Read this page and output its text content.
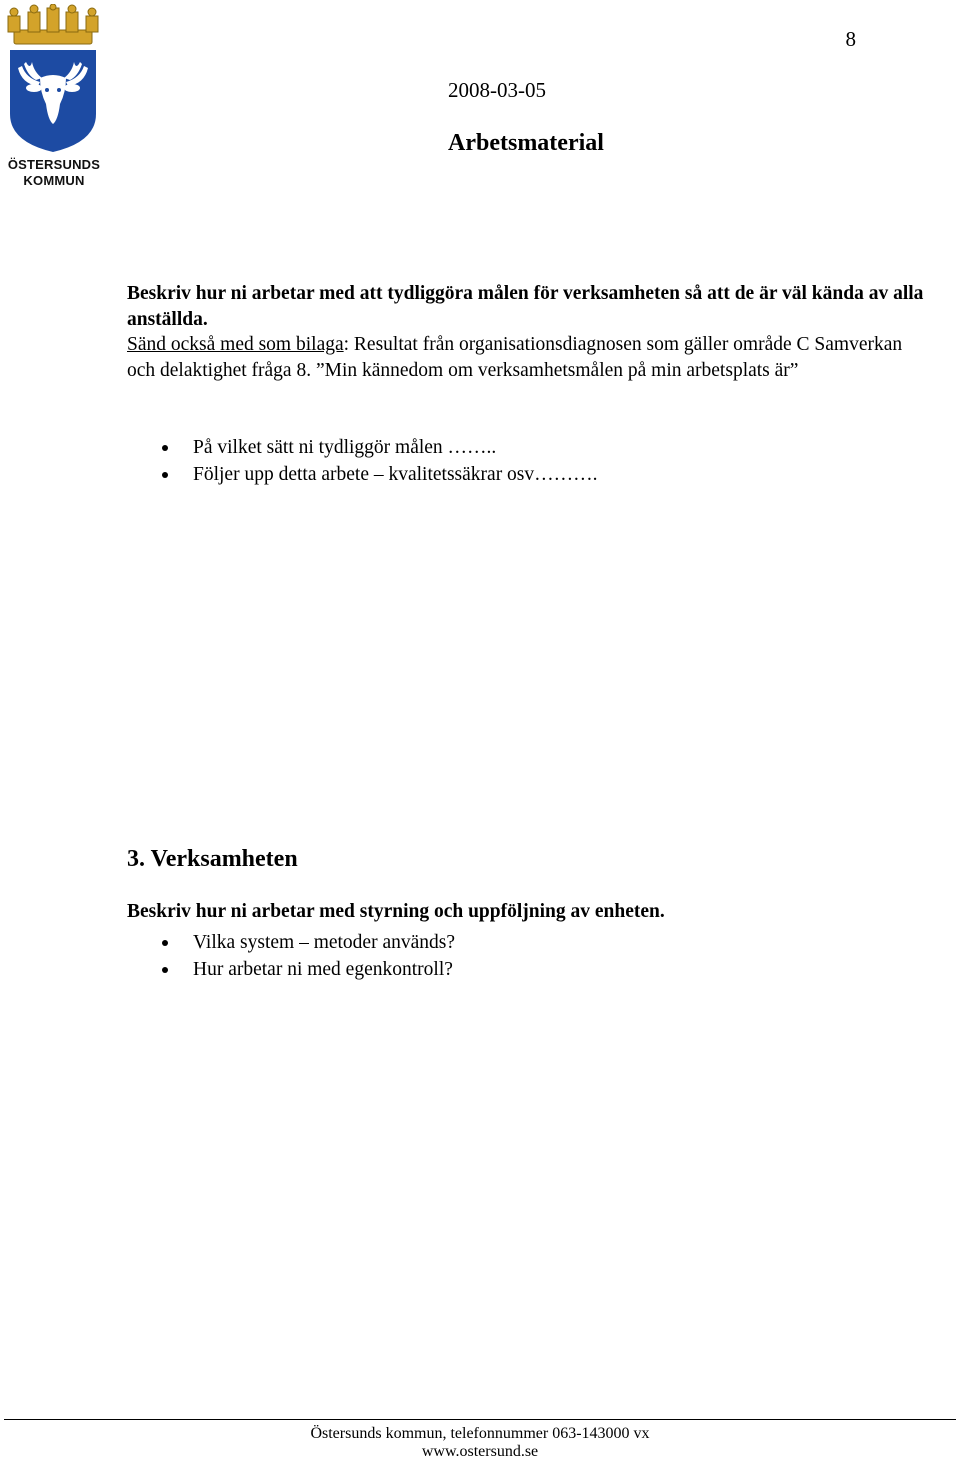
ÖSTERSUNDS
KOMMUN
8
2008-03-05
Arbetsmaterial
Beskriv hur ni arbetar med att tydliggöra målen för verksamheten så att de är väl kända av alla anställda.
Sänd också med som bilaga: Resultat från organisationsdiagnosen som gäller område C Samverkan och delaktighet fråga 8. ”Min kännedom om verksamhetsmålen på min arbetsplats är”
På vilket sätt ni tydliggör målen ……..
Följer upp detta arbete – kvalitetssäkrar osv……….
3. Verksamheten
Beskriv hur ni arbetar med styrning och uppföljning av enheten.
Vilka system – metoder används?
Hur arbetar ni med egenkontroll?
Östersunds kommun, telefonnummer 063-143000 vx
www.ostersund.se
